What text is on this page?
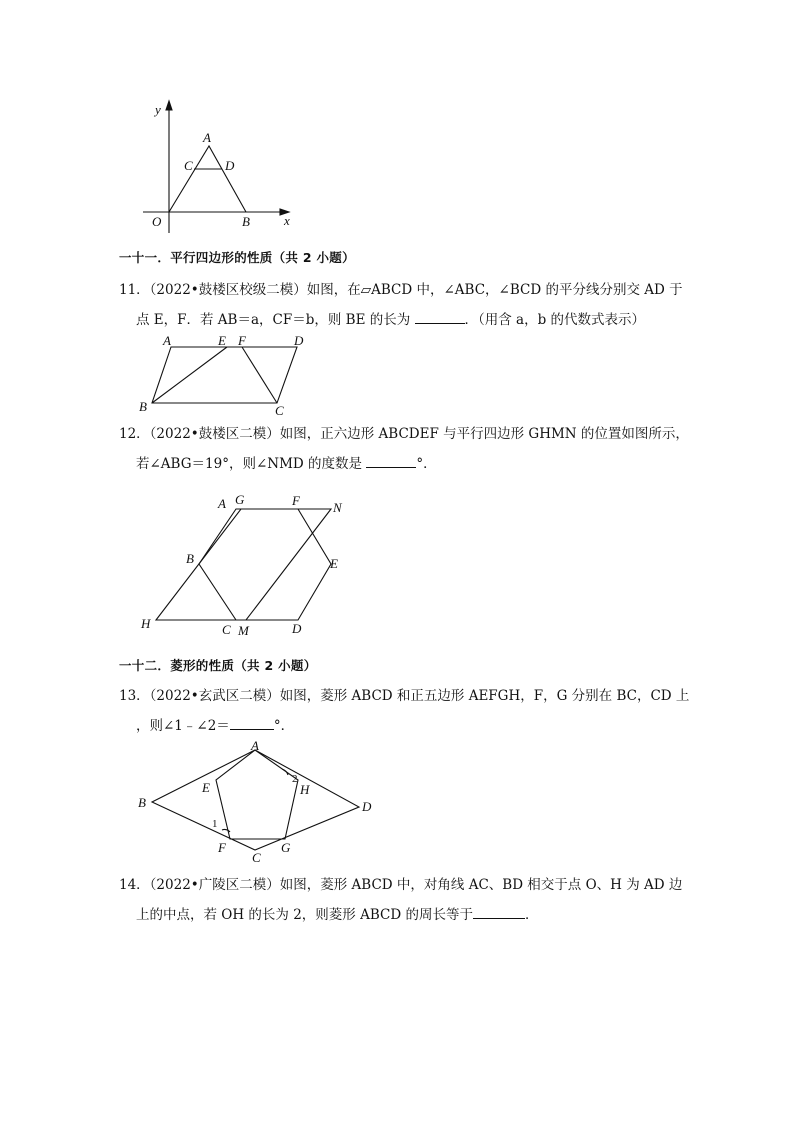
y
A
C D
O	B	x
一十一．平行四边形的性质（共 2 小题）
11．（2022•鼓楼区校级二模）如图，在▱ABCD 中，∠ABC，∠BCD 的平分线分别交 AD 于
点 E，F．若 AB＝a，CF＝b，则 BE 的长为	．（用含 a，b 的代数式表示）
A	E F	D
B	C
12．（2022•鼓楼区二模）如图，正六边形 ABCDEF 与平行四边形 GHMN 的位置如图所示，
若∠ABG＝19°，则∠NMD 的度数是	°．
A G	F	N
B	E
H	C M	D
一十二．菱形的性质（共 2 小题）
13．（2022•玄武区二模）如图，菱形 ABCD 和正五边形 AEFGH，F，G 分别在 BC，CD 上
，则∠1﹣∠2＝	°．
A
B	D
E	H
F	G
C
1
2
14．（2022•广陵区二模）如图，菱形 ABCD 中，对角线 AC、BD 相交于点 O、H 为 AD 边
上的中点，若 OH 的长为 2，则菱形 ABCD 的周长等于	．
